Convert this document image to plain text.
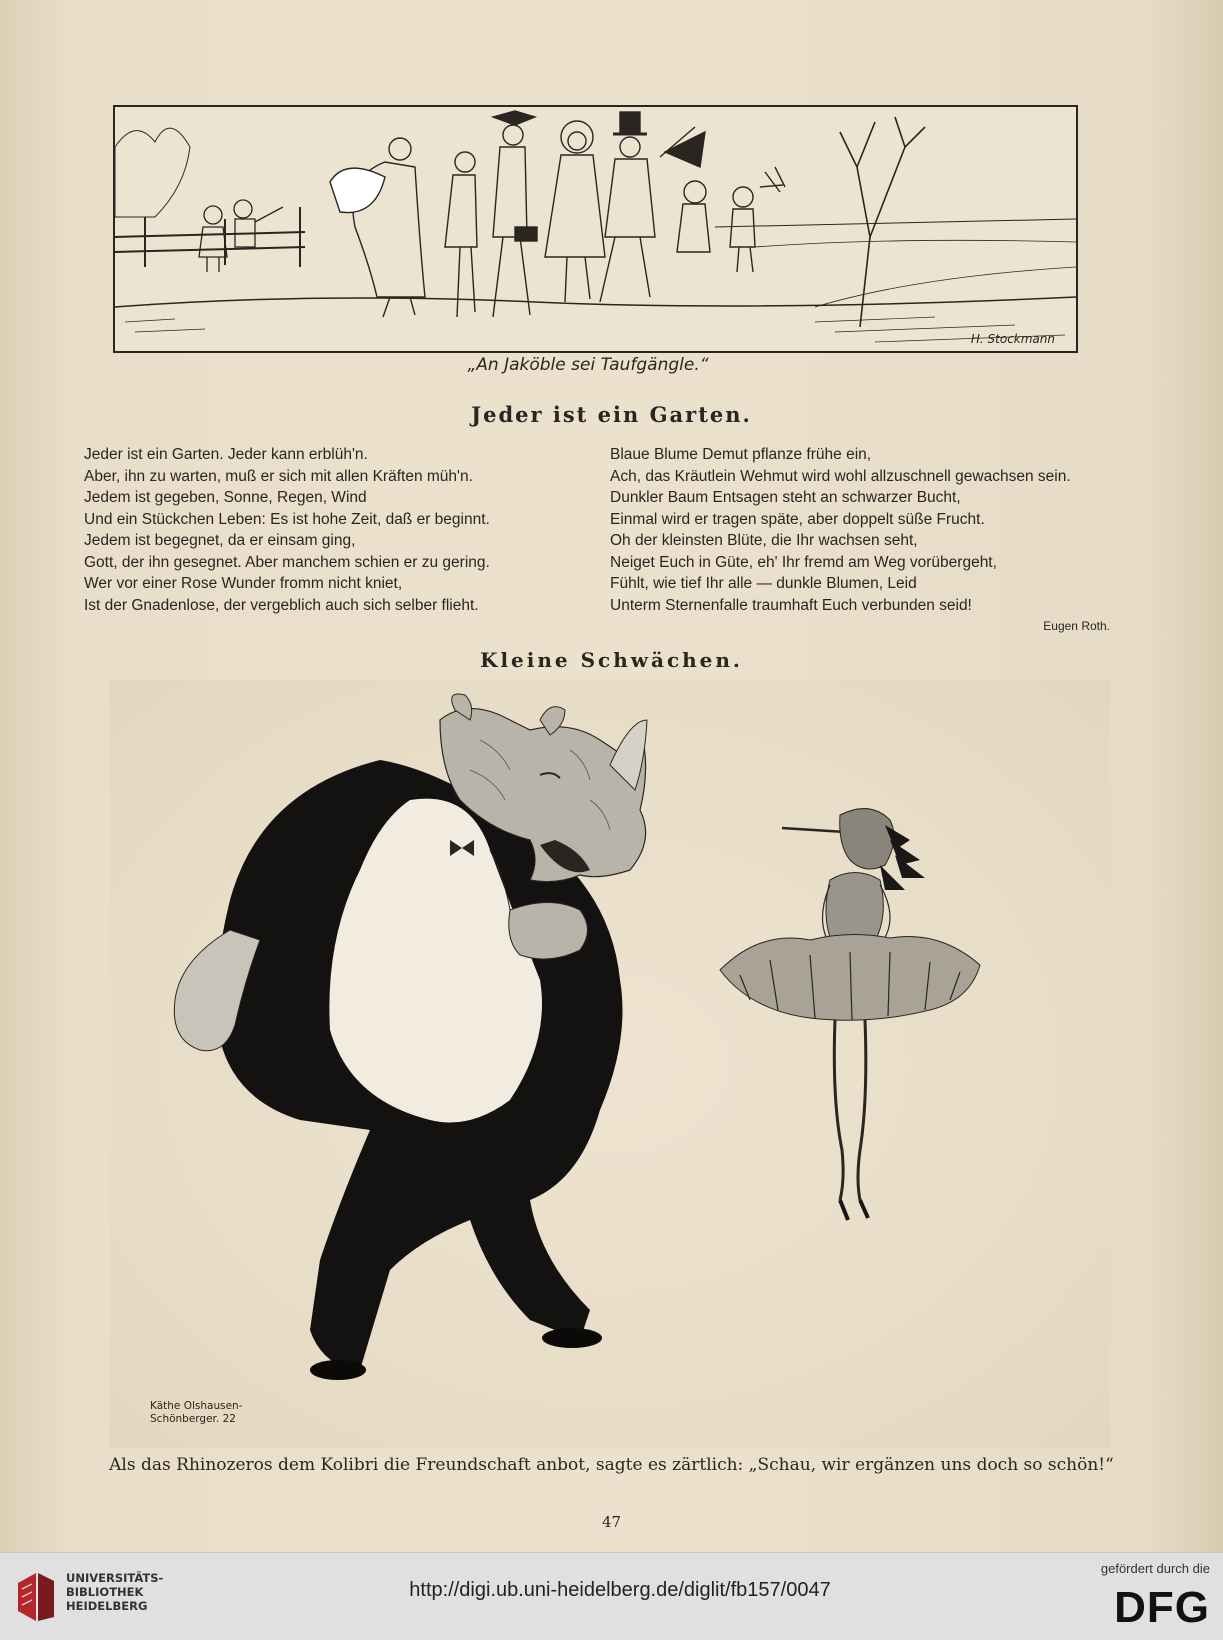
H. Stockmann
„An Jaköble sei Taufgängle.“
Jeder ist ein Garten.
Jeder ist ein Garten. Jeder kann erblüh'n.
Aber, ihn zu warten, muß er sich mit allen Kräften müh'n.
Jedem ist gegeben, Sonne, Regen, Wind
Und ein Stückchen Leben: Es ist hohe Zeit, daß er beginnt.
Jedem ist begegnet, da er einsam ging,
Gott, der ihn gesegnet. Aber manchem schien er zu gering.
Wer vor einer Rose Wunder fromm nicht kniet,
Ist der Gnadenlose, der vergeblich auch sich selber flieht.
Blaue Blume Demut pflanze frühe ein,
Ach, das Kräutlein Wehmut wird wohl allzuschnell gewachsen sein.
Dunkler Baum Entsagen steht an schwarzer Bucht,
Einmal wird er tragen späte, aber doppelt süße Frucht.
Oh der kleinsten Blüte, die Ihr wachsen seht,
Neiget Euch in Güte, eh' Ihr fremd am Weg vorübergeht,
Fühlt, wie tief Ihr alle — dunkle Blumen, Leid
Unterm Sternenfalle traumhaft Euch verbunden seid!
Eugen Roth.
Kleine Schwächen.
Käthe Olshausen-
Schönberger. 22
Als das Rhinozeros dem Kolibri die Freundschaft anbot, sagte es zärtlich: „Schau, wir ergänzen uns doch so schön!“
47
UNIVERSITÄTS-
BIBLIOTHEK
HEIDELBERG
http://digi.ub.uni-heidelberg.de/diglit/fb157/0047
gefördert durch die
DFG
